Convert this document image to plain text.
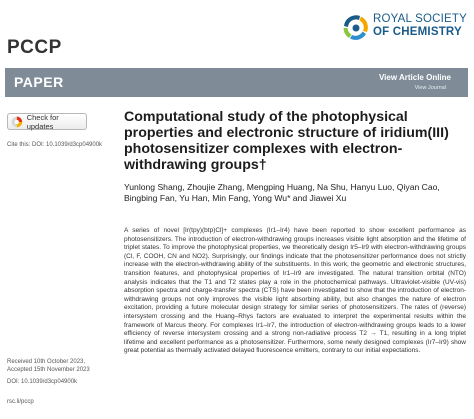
PCCP
ROYAL SOCIETY
OF CHEMISTRY
PAPER	View Article Online
View Journal
Check for updates
Cite this: DOI: 10.1039/d3cp04900k
Computational study of the photophysical properties and electronic structure of iridium(III) photosensitizer complexes with electron-withdrawing groups†
Yunlong Shang, Zhoujie Zhang, Mengping Huang, Na Shu, Hanyu Luo, Qiyan Cao, Bingbing Fan, Yu Han, Min Fang, Yong Wu* and Jiawei Xu
A series of novel [Ir(tpy)(btp)Cl]+ complexes (Ir1–Ir4) have been reported to show excellent performance as photosensitizers. The introduction of electron-withdrawing groups increases visible light absorption and the lifetime of triplet states. To improve the photophysical properties, we theoretically design Ir5–Ir9 with electron-withdrawing groups (Cl, F, COOH, CN and NO2). Surprisingly, our findings indicate that the photosensitizer performance does not strictly increase with the electron-withdrawing ability of the substituents. In this work, the geometric and electronic structures, transition features, and photophysical properties of Ir1–Ir9 are investigated. The natural transition orbital (NTO) analysis indicates that the T1 and T2 states play a role in the photochemical pathways. Ultraviolet-visible (UV-vis) absorption spectra and charge-transfer spectra (CTS) have been investigated to show that the introduction of electron-withdrawing groups not only improves the visible light absorbing ability, but also changes the nature of electron excitation, providing a future molecular design strategy for similar series of photosensitizers. The rates of (reverse) intersystem crossing and the Huang–Rhys factors are evaluated to interpret the experimental results within the framework of Marcus theory. For complexes Ir1–Ir7, the introduction of electron-withdrawing groups leads to a lower efficiency of reverse intersystem crossing and a strong non-radiative process T2 → T1, resulting in a long triplet lifetime and excellent performance as a photosensitizer. Furthermore, some newly designed complexes (Ir7–Ir9) show great potential as thermally activated delayed fluorescence emitters, contrary to our initial expectations.
Received 10th October 2023,
Accepted 15th November 2023
DOI: 10.1039/d3cp04900k
rsc.li/pccp
